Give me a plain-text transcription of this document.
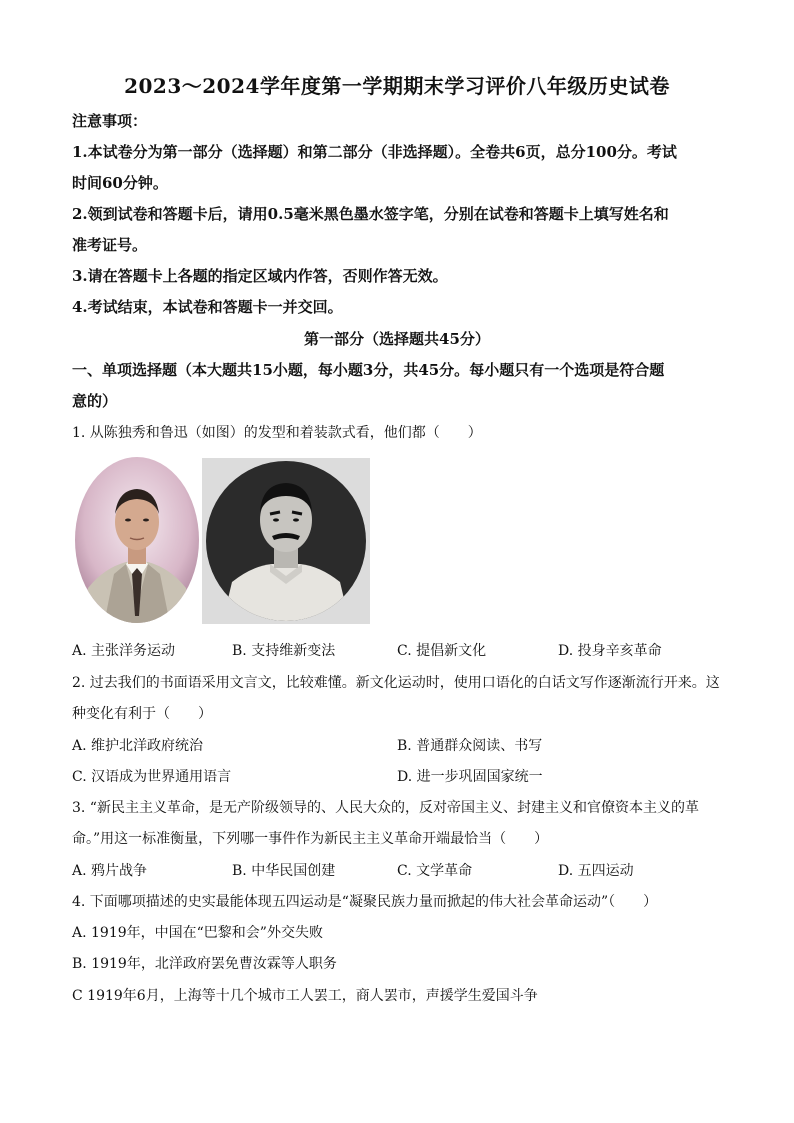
2023～2024学年度第一学期期末学习评价八年级历史试卷
注意事项：
1.本试卷分为第一部分（选择题）和第二部分（非选择题）。全卷共6页，总分100分。考试
时间60分钟。
2.领到试卷和答题卡后，请用0.5毫米黑色墨水签字笔，分别在试卷和答题卡上填写姓名和
准考证号。
3.请在答题卡上各题的指定区域内作答，否则作答无效。
4.考试结束，本试卷和答题卡一并交回。
第一部分（选择题共45分）
一、单项选择题（本大题共15小题，每小题3分，共45分。每小题只有一个选项是符合题
意的）
1. 从陈独秀和鲁迅（如图）的发型和着装款式看，他们都（　　）
A. 主张洋务运动	B. 支持维新变法	C. 提倡新文化	D. 投身辛亥革命
2. 过去我们的书面语采用文言文，比较难懂。新文化运动时，使用口语化的白话文写作逐渐流行开来。这
种变化有利于（　　）
A. 维护北洋政府统治	B. 普通群众阅读、书写
C. 汉语成为世界通用语言	D. 进一步巩固国家统一
3. “新民主主义革命，是无产阶级领导的、人民大众的，反对帝国主义、封建主义和官僚资本主义的革
命。”用这一标准衡量，下列哪一事件作为新民主主义革命开端最恰当（　　）
A. 鸦片战争	B. 中华民国创建	C. 文学革命	D. 五四运动
4. 下面哪项描述的史实最能体现五四运动是“凝聚民族力量而掀起的伟大社会革命运动”（　　）
A. 1919年，中国在“巴黎和会”外交失败
B. 1919年，北洋政府罢免曹汝霖等人职务
C 1919年6月，上海等十几个城市工人罢工，商人罢市，声援学生爱国斗争
